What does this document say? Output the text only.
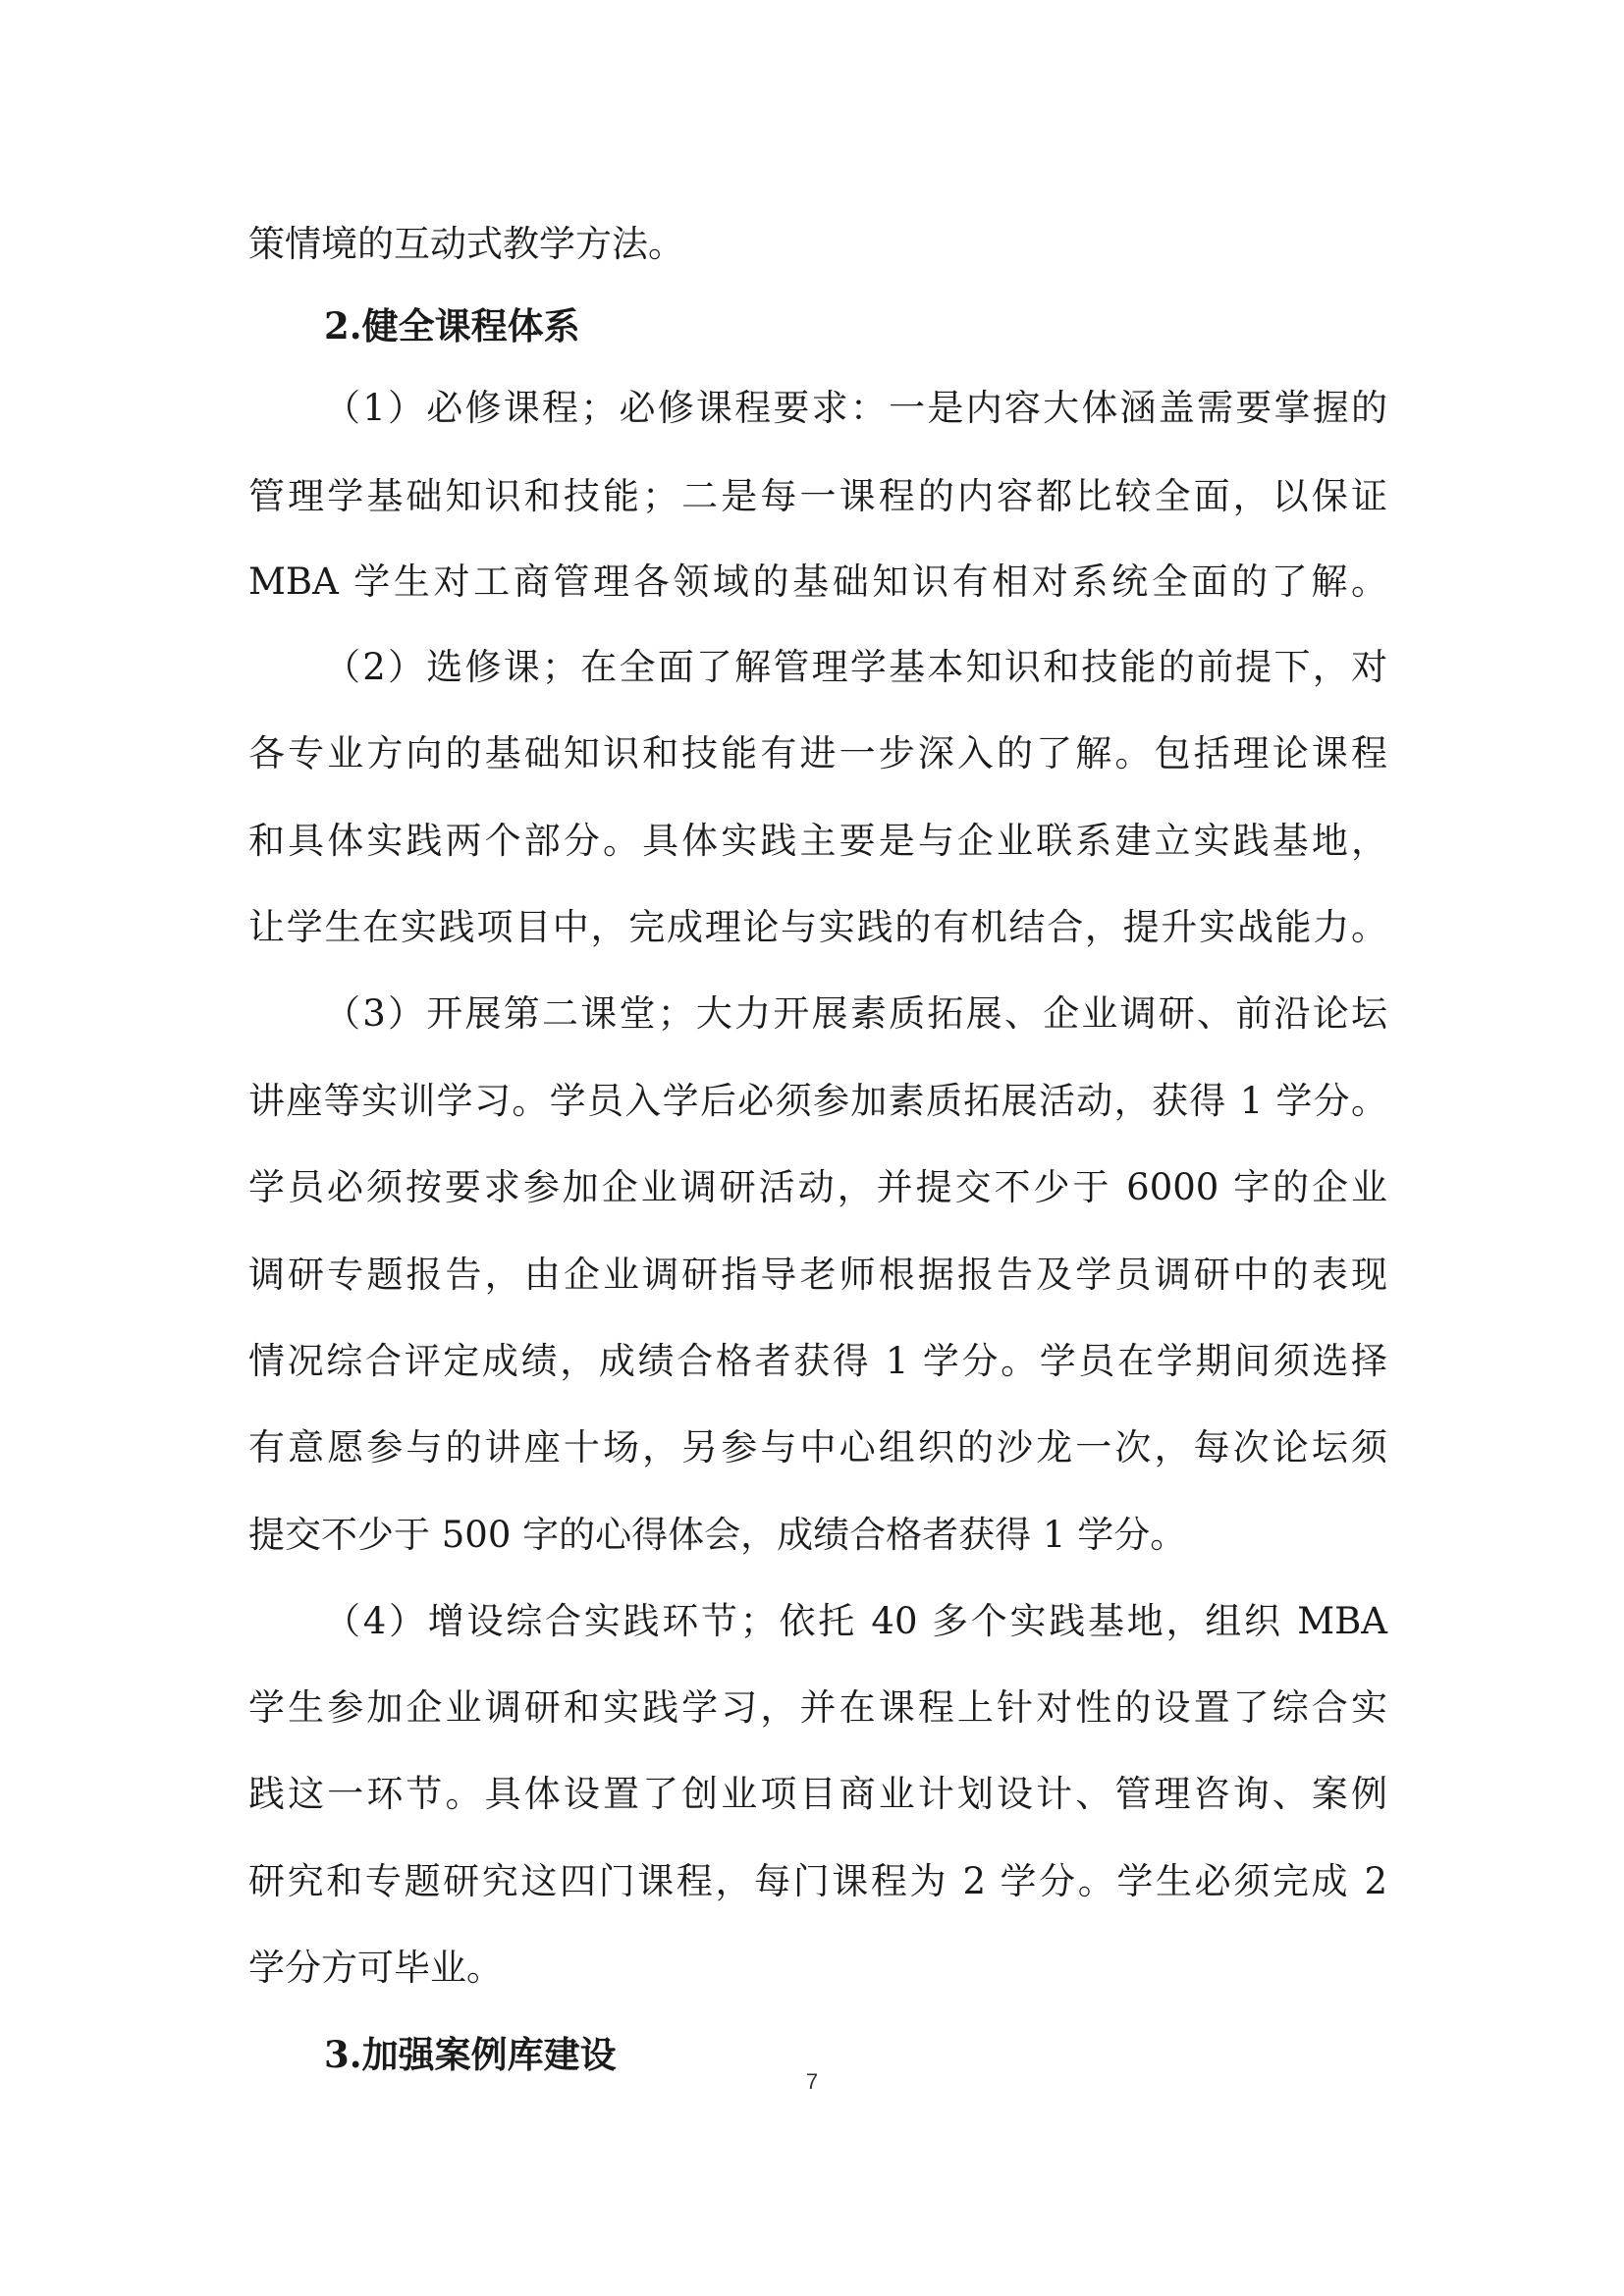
策情境的互动式教学方法。
2.健全课程体系
（1）必修课程；必修课程要求：一是内容大体涵盖需要掌握的
管理学基础知识和技能；二是每一课程的内容都比较全面，以保证
MBA 学生对工商管理各领域的基础知识有相对系统全面的了解。
（2）选修课；在全面了解管理学基本知识和技能的前提下，对
各专业方向的基础知识和技能有进一步深入的了解。包括理论课程
和具体实践两个部分。具体实践主要是与企业联系建立实践基地，
让学生在实践项目中，完成理论与实践的有机结合，提升实战能力。
（3）开展第二课堂；大力开展素质拓展、企业调研、前沿论坛
讲座等实训学习。学员入学后必须参加素质拓展活动，获得 1 学分。
学员必须按要求参加企业调研活动，并提交不少于 6000 字的企业
调研专题报告，由企业调研指导老师根据报告及学员调研中的表现
情况综合评定成绩，成绩合格者获得 1 学分。学员在学期间须选择
有意愿参与的讲座十场，另参与中心组织的沙龙一次，每次论坛须
提交不少于 500 字的心得体会，成绩合格者获得 1 学分。
（4）增设综合实践环节；依托 40 多个实践基地，组织 MBA
学生参加企业调研和实践学习，并在课程上针对性的设置了综合实
践这一环节。具体设置了创业项目商业计划设计、管理咨询、案例
研究和专题研究这四门课程，每门课程为 2 学分。学生必须完成 2
学分方可毕业。
3.加强案例库建设
7
